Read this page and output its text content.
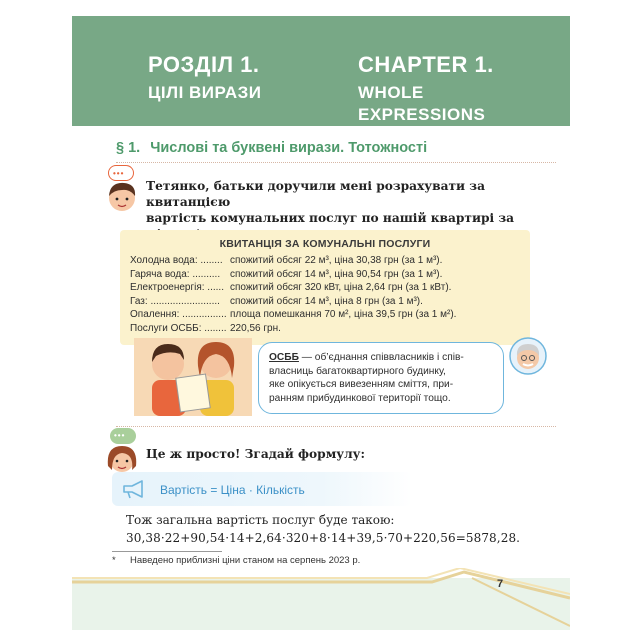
РОЗДІЛ 1.
ЦІЛІ ВИРАЗИ
CHAPTER 1.
WHOLE
EXPRESSIONS
§ 1. Числові та буквені вирази. Тотожності
•••
Тетянко, батьки доручили мені розрахувати за квитанцією
вартість комунальних послуг по нашій квартирі за
КВИТАНЦІЯ ЗА КОМУНАЛЬНІ ПОСЛУГИ
Холодна вода: ........ спожитий обсяг 22 м³, ціна 30,38 грн (за 1 м³).
Гаряча вода: .......... спожитий обсяг 14 м³, ціна 90,54 грн (за 1 м³).
Електроенергія: ...... спожитий обсяг 320 кВт, ціна 2,64 грн (за 1 кВт).
Газ: ......................... спожитий обсяг 14 м³, ціна 8 грн (за 1 м³).
Опалення: ................ площа помешкання 70 м², ціна 39,5 грн (за 1 м²).
Послуги ОСББ: ........ 220,56 грн.
ОСББ — об’єднання співвласників і спів-
власниць багатоквартирного будинку,
яке опікується вивезенням сміття, при-
ранням прибудинкової території тощо.
•••
Це ж просто! Згадай формулу:
Вартість = Ціна · Кількість
Тож загальна вартість послуг буде такою:
30,38·22+90,54·14+2,64·320+8·14+39,5·70+220,56=5878,28.
* Наведено приблизні ціни станом на серпень 2023 р.
7
